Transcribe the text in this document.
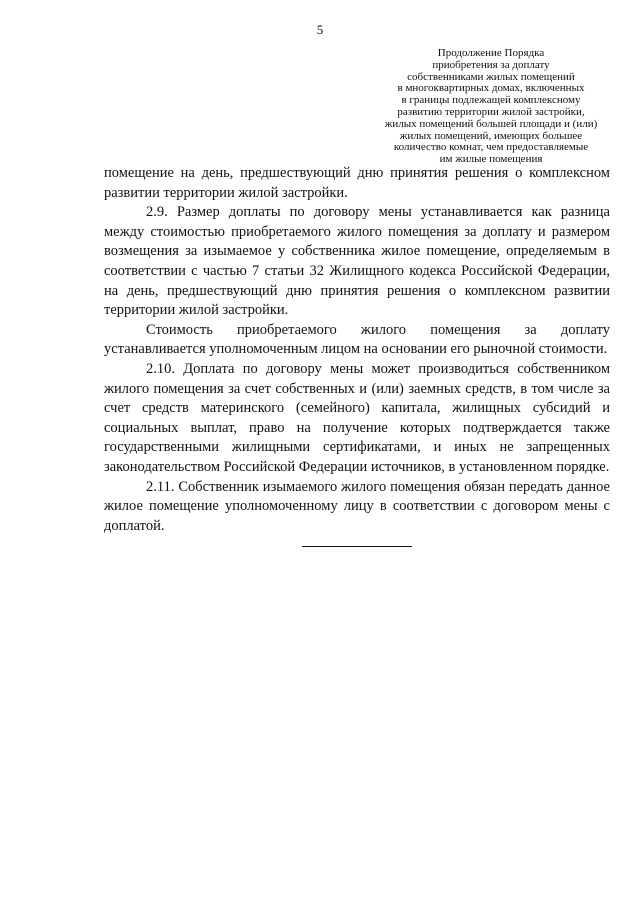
5
Продолжение Порядка
приобретения за доплату
собственниками жилых помещений
в многоквартирных домах, включенных
в границы подлежащей комплексному
развитию территории жилой застройки,
жилых помещений большей площади и (или)
жилых помещений, имеющих большее
количество комнат, чем предоставляемые
им жилые помещения

помещение на день, предшествующий дню принятия решения о комплексном развитии территории жилой застройки.

2.9. Размер доплаты по договору мены устанавливается как разница между стоимостью приобретаемого жилого помещения за доплату и размером возмещения за изымаемое у собственника жилое помещение, определяемым в соответствии с частью 7 статьи 32 Жилищного кодекса Российской Федерации, на день, предшествующий дню принятия решения о комплексном развитии территории жилой застройки.

Стоимость приобретаемого жилого помещения за доплату устанавливается уполномоченным лицом на основании его рыночной стоимости.

2.10. Доплата по договору мены может производиться собственником жилого помещения за счет собственных и (или) заемных средств, в том числе за счет средств материнского (семейного) капитала, жилищных субсидий и социальных выплат, право на получение которых подтверждается также государственными жилищными сертификатами, и иных не запрещенных законодательством Российской Федерации источников, в установленном порядке.

2.11. Собственник изымаемого жилого помещения обязан передать данное жилое помещение уполномоченному лицу в соответствии с договором мены с доплатой.
